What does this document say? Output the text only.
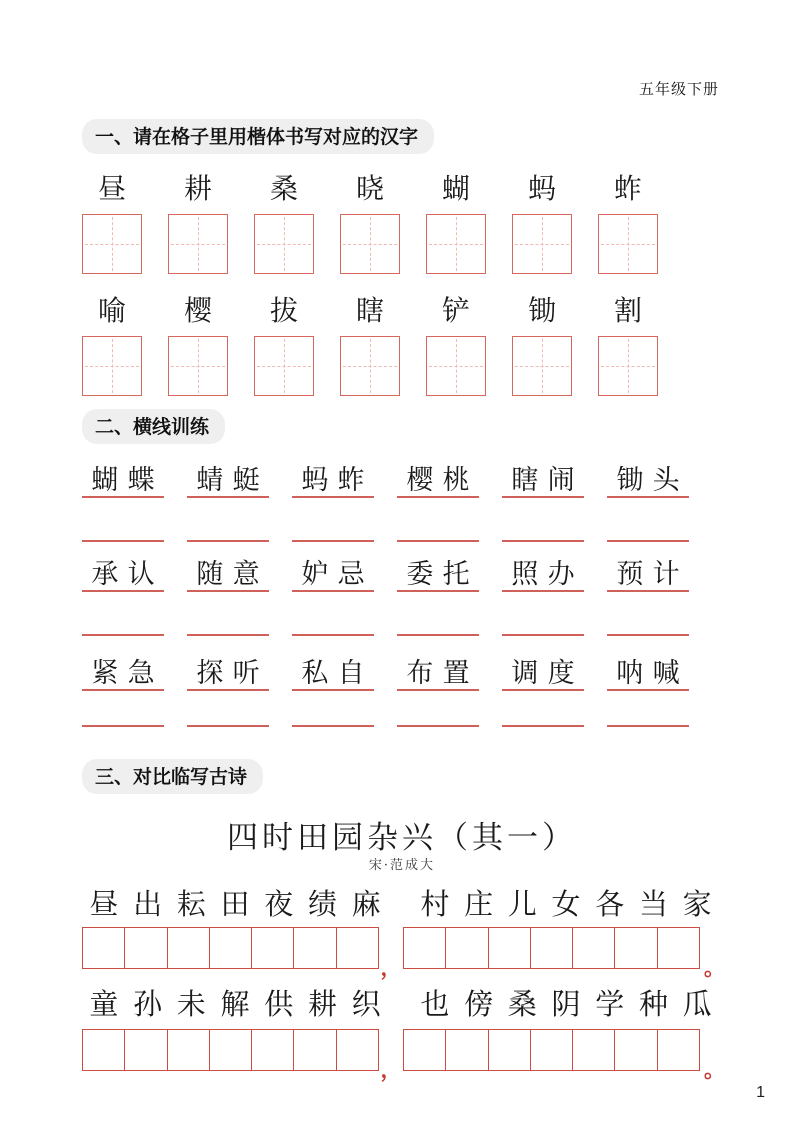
五年级下册
一、请在格子里用楷体书写对应的汉字
昼 耕 桑 晓 蝴 蚂 蚱
喻 樱 拔 瞎 铲 锄 割
二、横线训练
蝴 蝶 蜻 蜓 蚂 蚱 樱 桃 瞎 闹 锄 头
承 认 随 意 妒 忌 委 托 照 办 预 计
紧 急 探 听 私 自 布 置 调 度 呐 喊
三、对比临写古诗
四时田园杂兴（其一）
宋·范成大
昼 出 耘 田 夜 绩 麻 村 庄 儿 女 各 当 家
，	。
童 孙 未 解 供 耕 织 也 傍 桑 阴 学 种 瓜
，	。
1
